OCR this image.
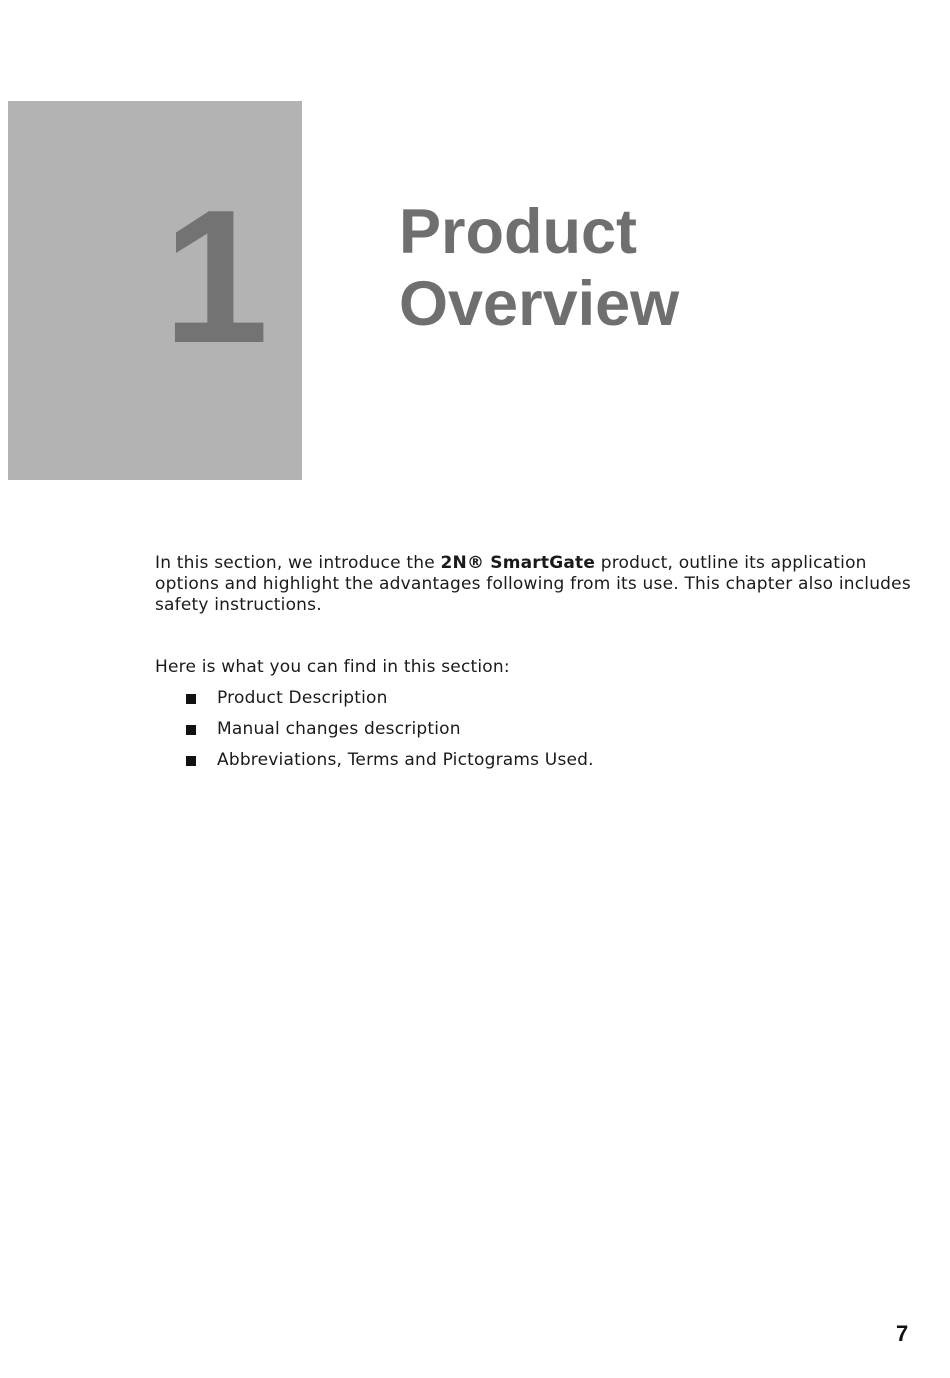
1 Product
Overview

In this section, we introduce the 2N® SmartGate product, outline its application options and highlight the advantages following from its use. This chapter also includes safety instructions.

Here is what you can find in this section:

Product Description
Manual changes description
Abbreviations, Terms and Pictograms Used.
7
